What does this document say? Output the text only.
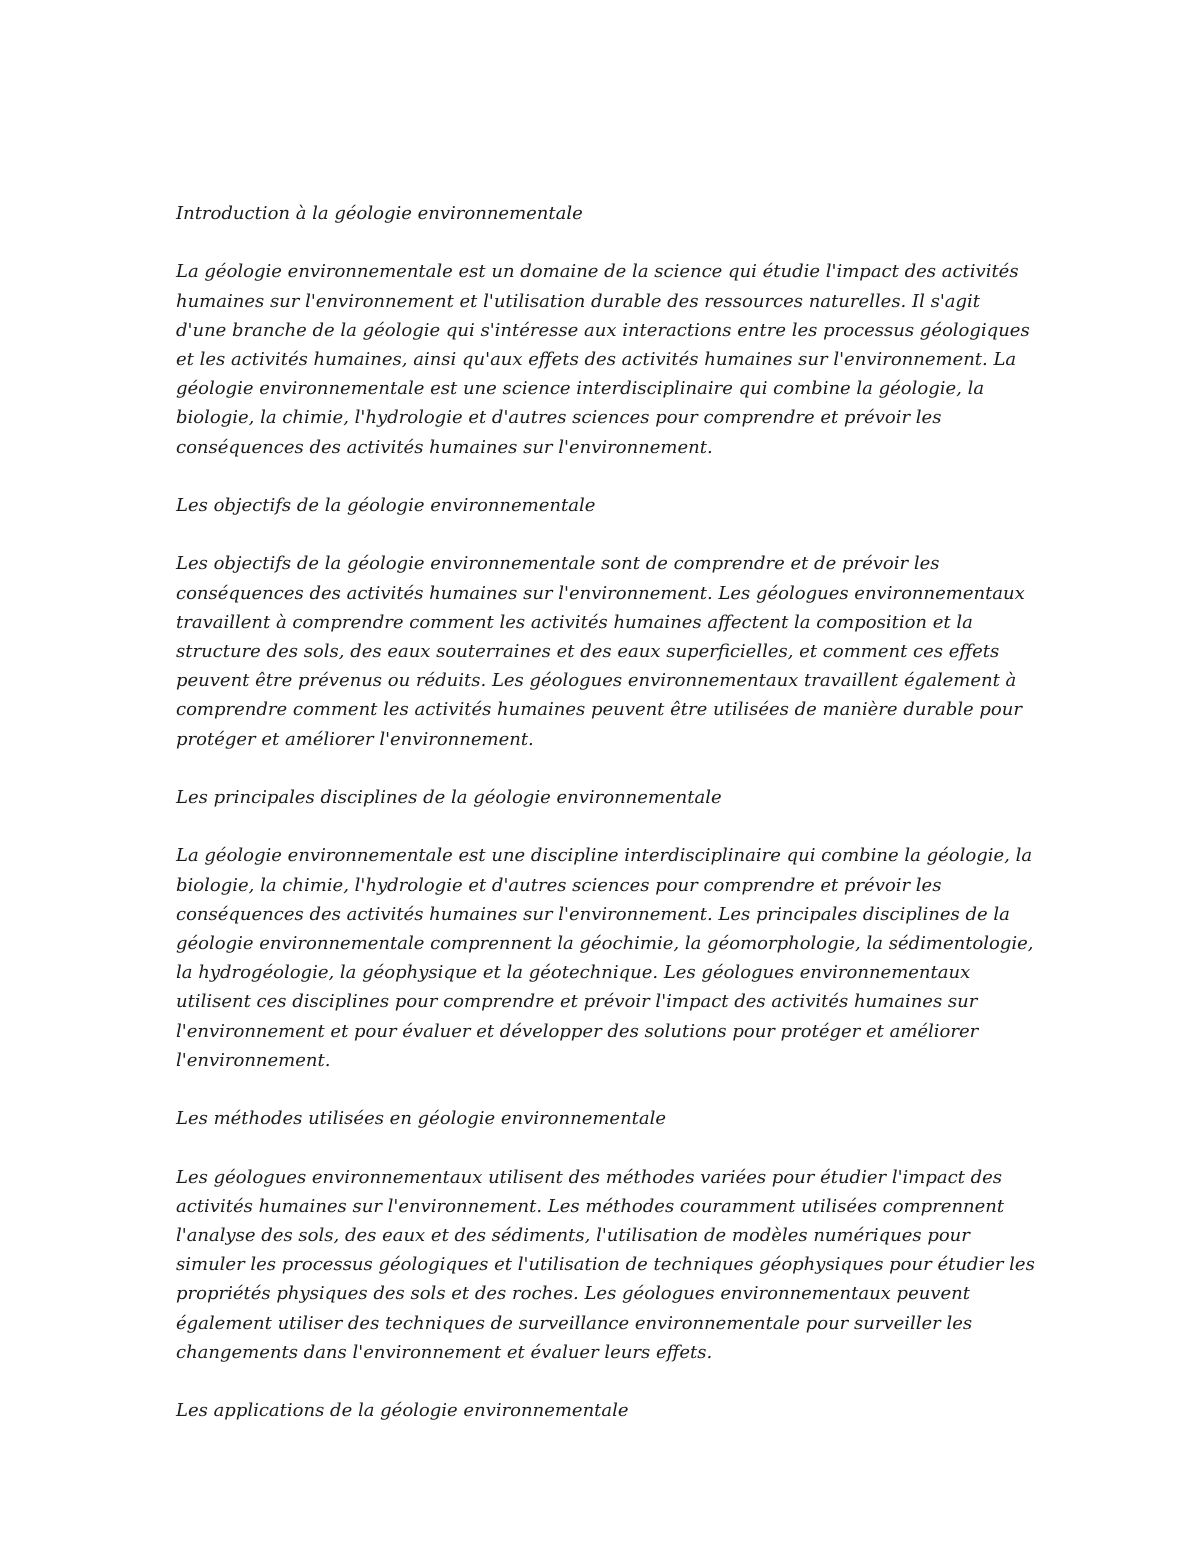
Introduction à la géologie environnementale

La géologie environnementale est un domaine de la science qui étudie l'impact des activités humaines sur l'environnement et l'utilisation durable des ressources naturelles. Il s'agit d'une branche de la géologie qui s'intéresse aux interactions entre les processus géologiques et les activités humaines, ainsi qu'aux effets des activités humaines sur l'environnement. La géologie environnementale est une science interdisciplinaire qui combine la géologie, la biologie, la chimie, l'hydrologie et d'autres sciences pour comprendre et prévoir les conséquences des activités humaines sur l'environnement.

Les objectifs de la géologie environnementale

Les objectifs de la géologie environnementale sont de comprendre et de prévoir les conséquences des activités humaines sur l'environnement. Les géologues environnementaux travaillent à comprendre comment les activités humaines affectent la composition et la structure des sols, des eaux souterraines et des eaux superficielles, et comment ces effets peuvent être prévenus ou réduits. Les géologues environnementaux travaillent également à comprendre comment les activités humaines peuvent être utilisées de manière durable pour protéger et améliorer l'environnement.

Les principales disciplines de la géologie environnementale

La géologie environnementale est une discipline interdisciplinaire qui combine la géologie, la biologie, la chimie, l'hydrologie et d'autres sciences pour comprendre et prévoir les conséquences des activités humaines sur l'environnement. Les principales disciplines de la géologie environnementale comprennent la géochimie, la géomorphologie, la sédimentologie, la hydrogéologie, la géophysique et la géotechnique. Les géologues environnementaux utilisent ces disciplines pour comprendre et prévoir l'impact des activités humaines sur l'environnement et pour évaluer et développer des solutions pour protéger et améliorer l'environnement.

Les méthodes utilisées en géologie environnementale

Les géologues environnementaux utilisent des méthodes variées pour étudier l'impact des activités humaines sur l'environnement. Les méthodes couramment utilisées comprennent l'analyse des sols, des eaux et des sédiments, l'utilisation de modèles numériques pour simuler les processus géologiques et l'utilisation de techniques géophysiques pour étudier les propriétés physiques des sols et des roches. Les géologues environnementaux peuvent également utiliser des techniques de surveillance environnementale pour surveiller les changements dans l'environnement et évaluer leurs effets.

Les applications de la géologie environnementale
